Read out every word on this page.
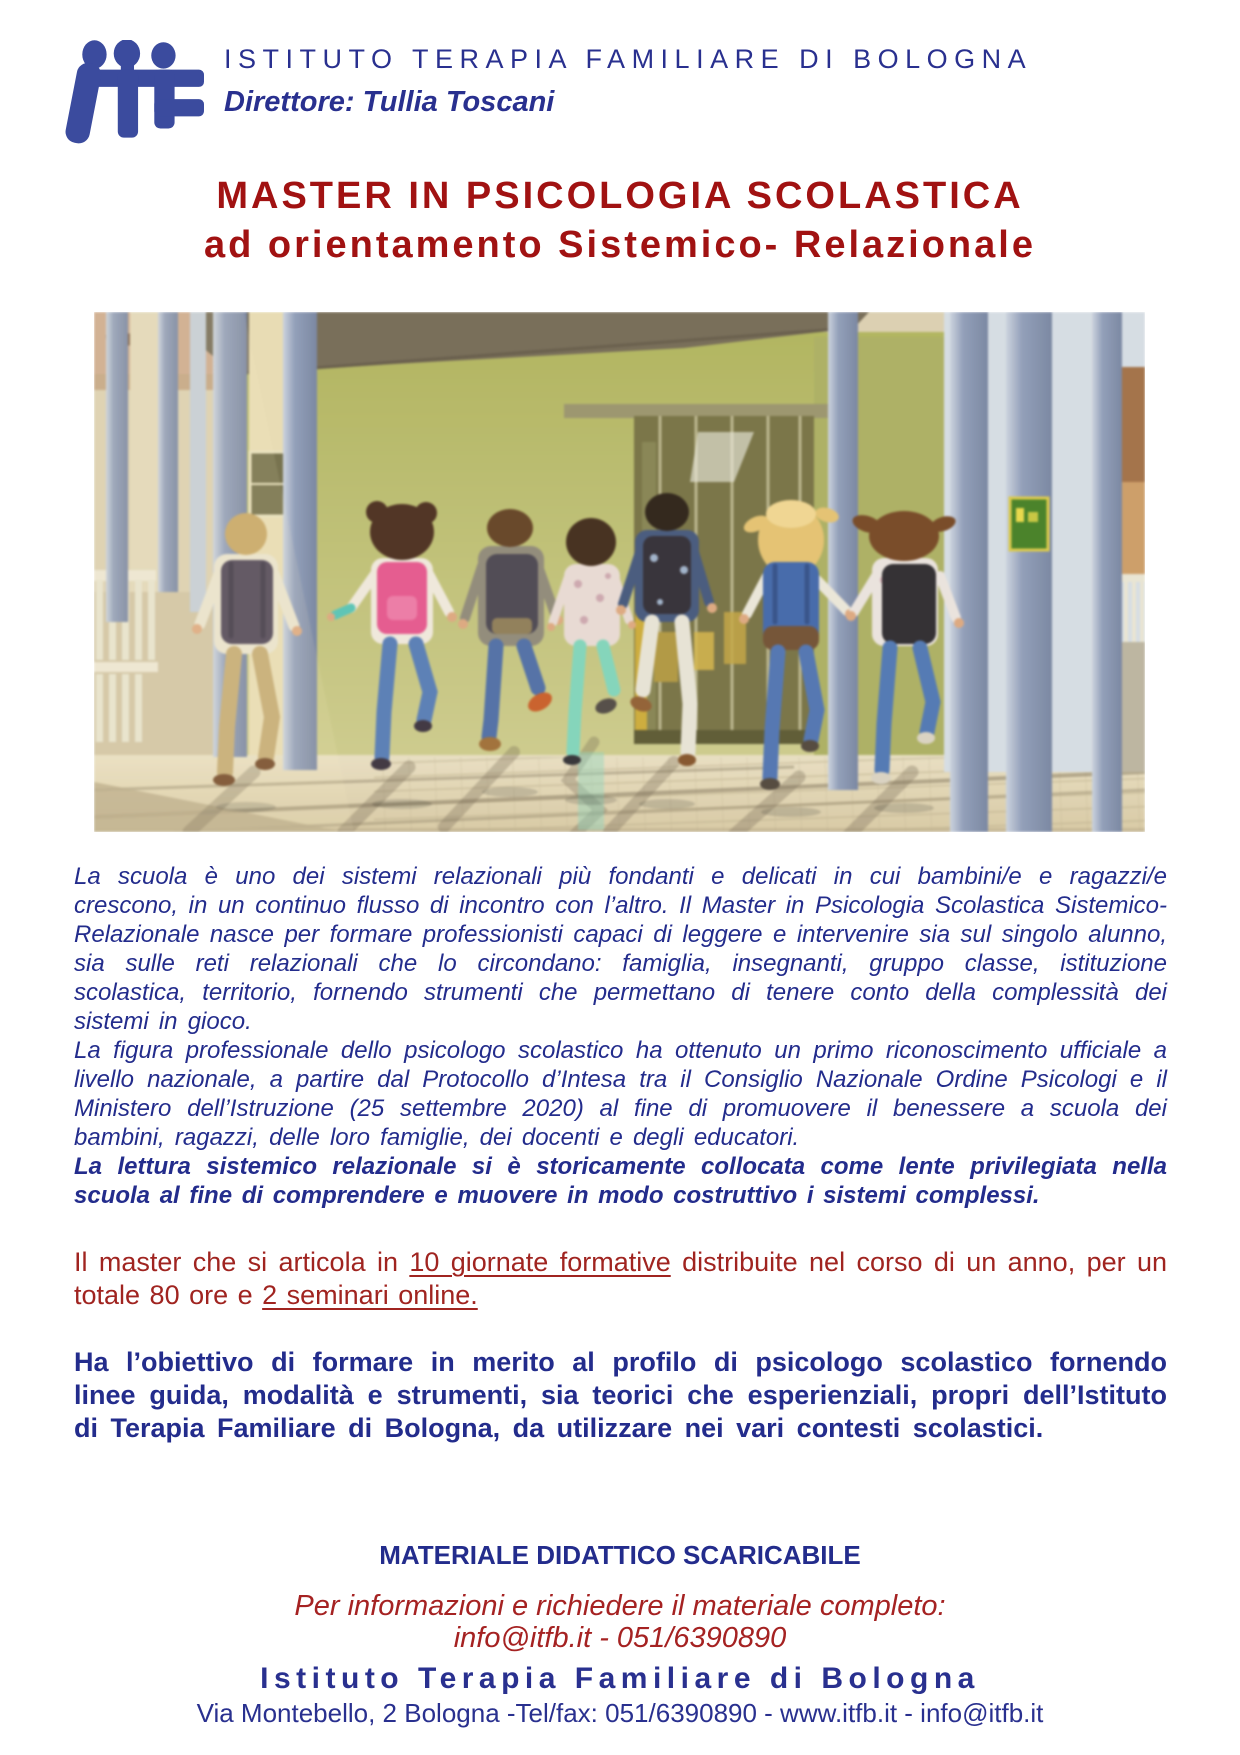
ISTITUTO TERAPIA FAMILIARE DI BOLOGNA
Direttore: Tullia Toscani
MASTER IN PSICOLOGIA SCOLASTICA
ad orientamento Sistemico- Relazionale

La scuola è uno dei sistemi relazionali più fondanti e delicati in cui bambini/e e ragazzi/e crescono, in un continuo flusso di incontro con l’altro. Il Master in Psicologia Scolastica Sistemico-Relazionale nasce per formare professionisti capaci di leggere e intervenire sia sul singolo alunno, sia sulle reti relazionali che lo circondano: famiglia, insegnanti, gruppo classe, istituzione scolastica, territorio, fornendo strumenti che permettano di tenere conto della complessità dei sistemi in gioco.

La figura professionale dello psicologo scolastico ha ottenuto un primo riconoscimento ufficiale a livello nazionale, a partire dal Protocollo d’Intesa tra il Consiglio Nazionale Ordine Psicologi e il Ministero dell’Istruzione (25 settembre 2020) al fine di promuovere il benessere a scuola dei bambini, ragazzi, delle loro famiglie, dei docenti e degli educatori.

La lettura sistemico relazionale si è storicamente collocata come lente privilegiata nella scuola al fine di comprendere e muovere in modo costruttivo i sistemi complessi.

Il master che si articola in 10 giornate formative distribuite nel corso di un anno, per un totale 80 ore e 2 seminari online.

Ha l’obiettivo di formare in merito al profilo di psicologo scolastico fornendo linee guida, modalità e strumenti, sia teorici che esperienziali, propri dell’Istituto di Terapia Familiare di Bologna, da utilizzare nei vari contesti scolastici.

MATERIALE DIDATTICO SCARICABILE
Per informazioni e richiedere il materiale completo:
info@itfb.it - 051/6390890
Istituto Terapia Familiare di Bologna
Via Montebello, 2 Bologna -Tel/fax: 051/6390890 - www.itfb.it - info@itfb.it
